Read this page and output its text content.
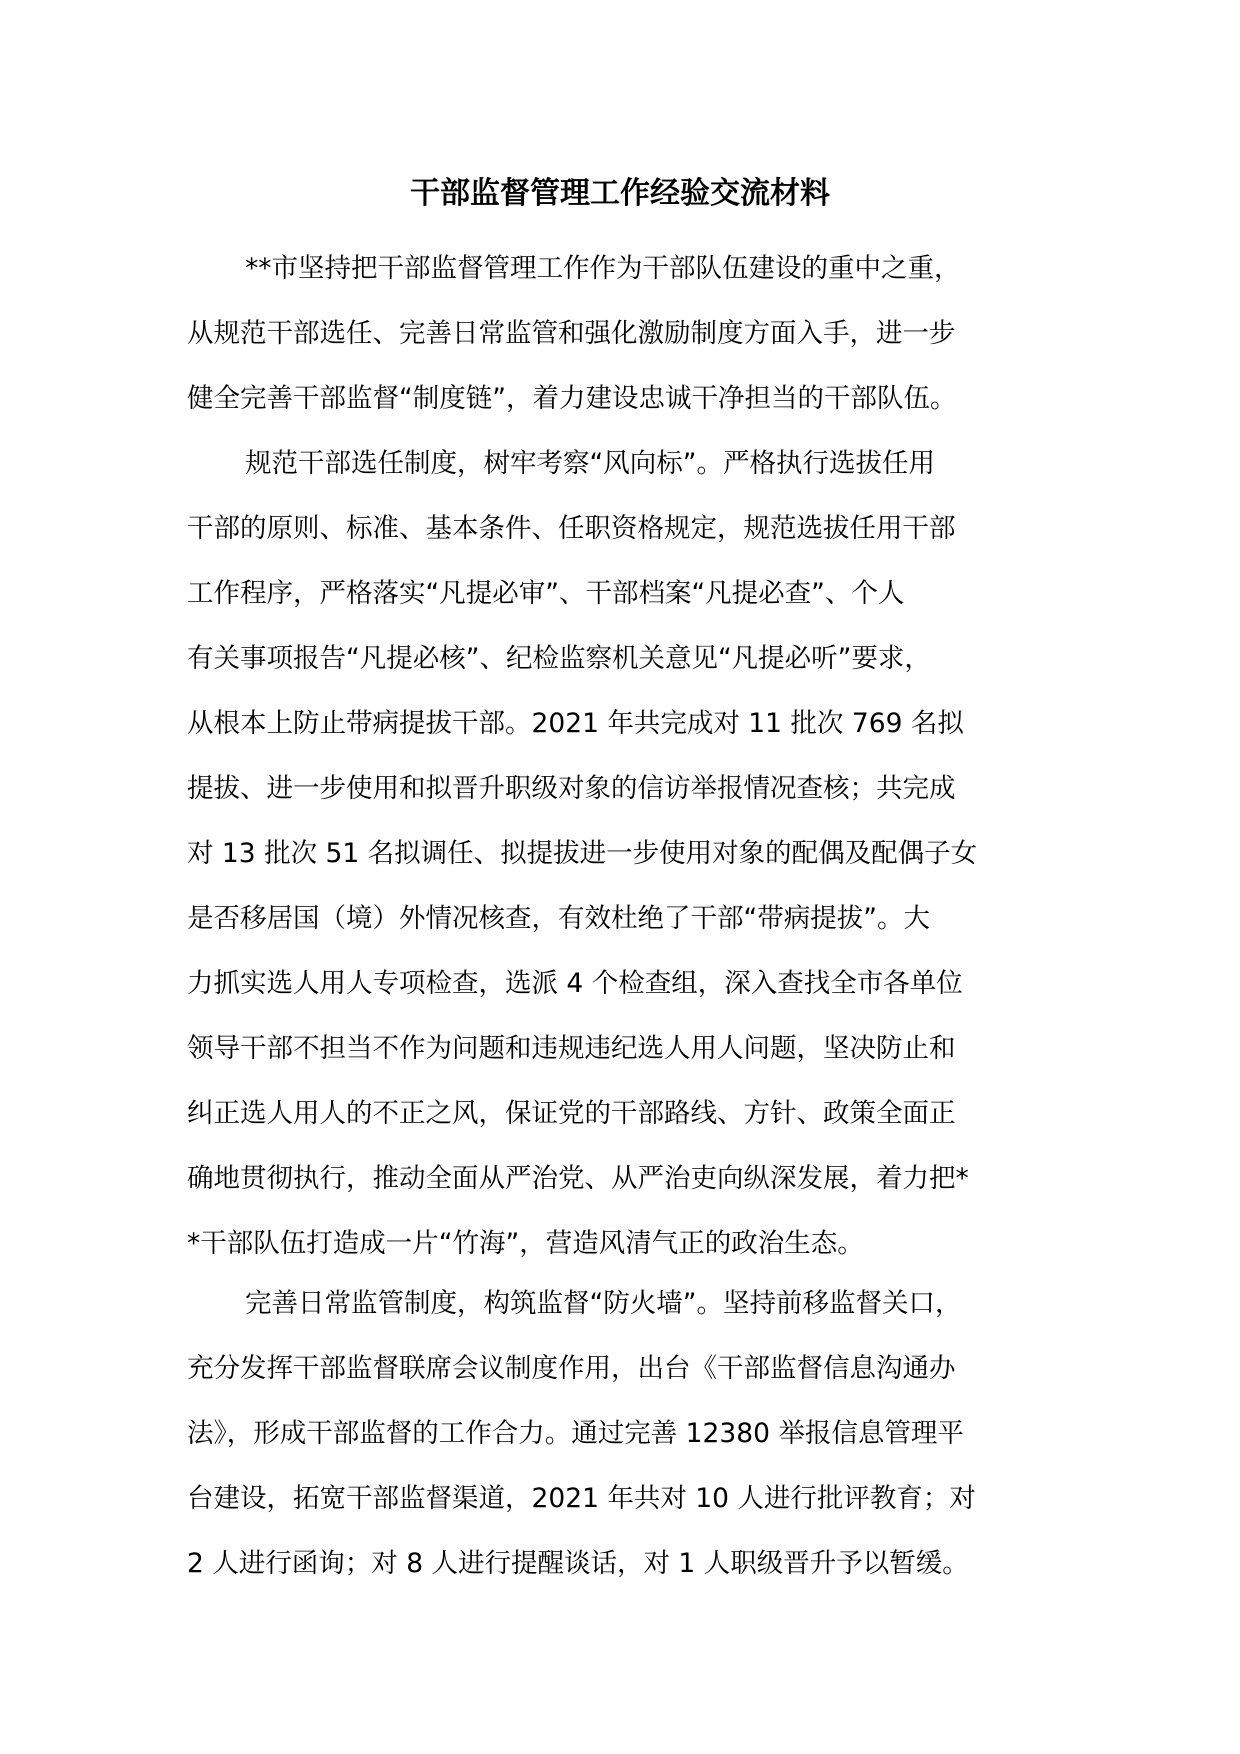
干部监督管理工作经验交流材料
**市坚持把干部监督管理工作作为干部队伍建设的重中之重，
从规范干部选任、完善日常监管和强化激励制度方面入手，进一步
健全完善干部监督“制度链”，着力建设忠诚干净担当的干部队伍。
规范干部选任制度，树牢考察“风向标”。严格执行选拔任用
干部的原则、标准、基本条件、任职资格规定，规范选拔任用干部
工作程序，严格落实“凡提必审”、干部档案“凡提必查”、个人
有关事项报告“凡提必核”、纪检监察机关意见“凡提必听”要求，
从根本上防止带病提拔干部。2021 年共完成对 11 批次 769 名拟
提拔、进一步使用和拟晋升职级对象的信访举报情况查核；共完成
对 13 批次 51 名拟调任、拟提拔进一步使用对象的配偶及配偶子女
是否移居国（境）外情况核查，有效杜绝了干部“带病提拔”。大
力抓实选人用人专项检查，选派 4 个检查组，深入查找全市各单位
领导干部不担当不作为问题和违规违纪选人用人问题，坚决防止和
纠正选人用人的不正之风，保证党的干部路线、方针、政策全面正
确地贯彻执行，推动全面从严治党、从严治吏向纵深发展，着力把*
*干部队伍打造成一片“竹海”，营造风清气正的政治生态。
完善日常监管制度，构筑监督“防火墙”。坚持前移监督关口，
充分发挥干部监督联席会议制度作用，出台《干部监督信息沟通办
法》，形成干部监督的工作合力。通过完善 12380 举报信息管理平
台建设，拓宽干部监督渠道，2021 年共对 10 人进行批评教育；对
2 人进行函询；对 8 人进行提醒谈话，对 1 人职级晋升予以暂缓。
